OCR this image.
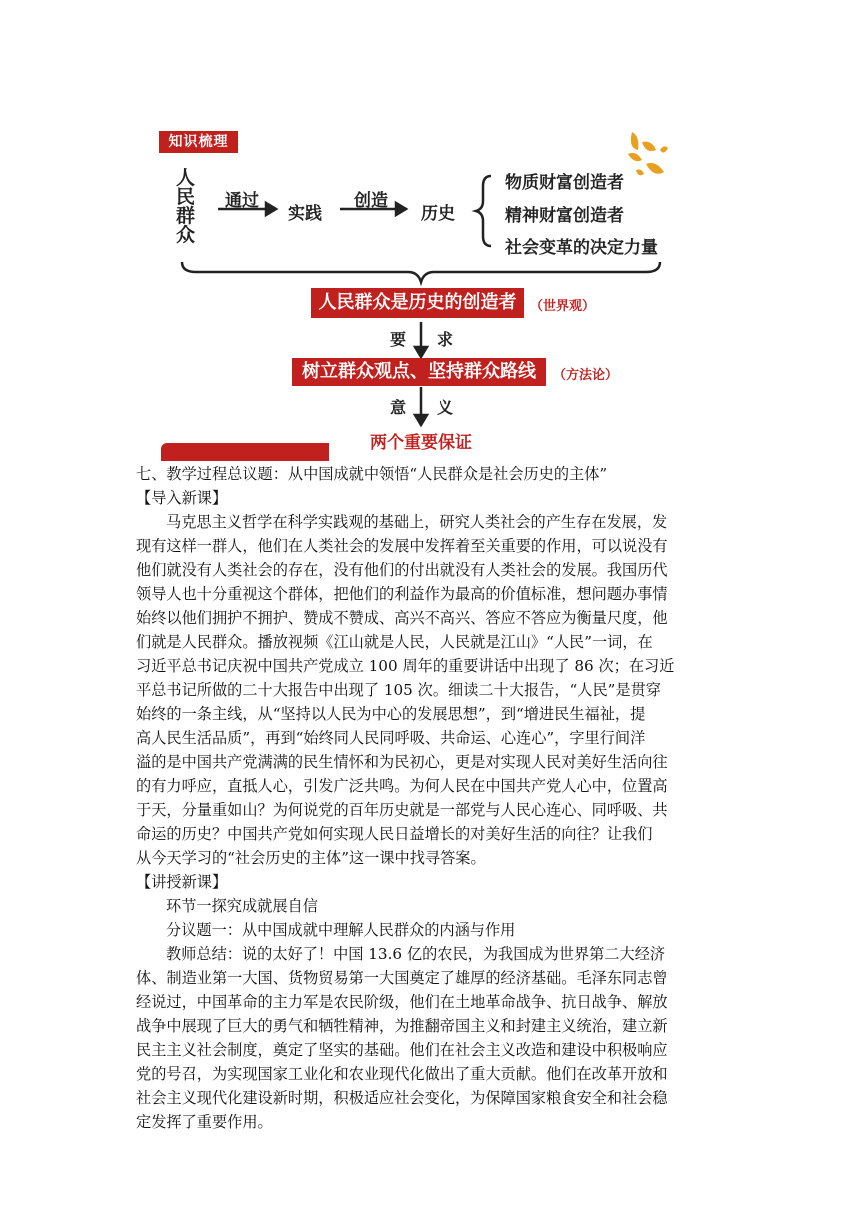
知识梳理
人
民
群
众
通过
实践
创造
历史
物质财富创造者
精神财富创造者
社会变革的决定力量
人民群众是历史的创造者	（世界观）
要 求
树立群众观点、坚持群众路线	（方法论）
意 义
两个重要保证

七、教学过程总议题：从中国成就中领悟“人民群众是社会历史的主体”

【导入新课】

马克思主义哲学在科学实践观的基础上，研究人类社会的产生存在发展，发

现有这样一群人，他们在人类社会的发展中发挥着至关重要的作用，可以说没有

他们就没有人类社会的存在，没有他们的付出就没有人类社会的发展。我国历代

领导人也十分重视这个群体，把他们的利益作为最高的价值标准，想问题办事情

始终以他们拥护不拥护、赞成不赞成、高兴不高兴、答应不答应为衡量尺度，他

们就是人民群众。播放视频《江山就是人民，人民就是江山》“人民”一词，在

习近平总书记庆祝中国共产党成立 100 周年的重要讲话中出现了 86 次；在习近

平总书记所做的二十大报告中出现了 105 次。细读二十大报告，“人民”是贯穿

始终的一条主线，从“坚持以人民为中心的发展思想”，到“增进民生福祉，提

高人民生活品质”，再到“始终同人民同呼吸、共命运、心连心”，字里行间洋

溢的是中国共产党满满的民生情怀和为民初心，更是对实现人民对美好生活向往

的有力呼应，直抵人心，引发广泛共鸣。为何人民在中国共产党人心中，位置高

于天，分量重如山？为何说党的百年历史就是一部党与人民心连心、同呼吸、共

命运的历史？中国共产党如何实现人民日益增长的对美好生活的向往？让我们

从今天学习的“社会历史的主体”这一课中找寻答案。

【讲授新课】

环节一探究成就展自信

分议题一：从中国成就中理解人民群众的内涵与作用

教师总结：说的太好了！中国 13.6 亿的农民，为我国成为世界第二大经济

体、制造业第一大国、货物贸易第一大国奠定了雄厚的经济基础。毛泽东同志曾

经说过，中国革命的主力军是农民阶级，他们在土地革命战争、抗日战争、解放

战争中展现了巨大的勇气和牺牲精神，为推翻帝国主义和封建主义统治，建立新

民主主义社会制度，奠定了坚实的基础。他们在社会主义改造和建设中积极响应

党的号召，为实现国家工业化和农业现代化做出了重大贡献。他们在改革开放和

社会主义现代化建设新时期，积极适应社会变化，为保障国家粮食安全和社会稳

定发挥了重要作用。
